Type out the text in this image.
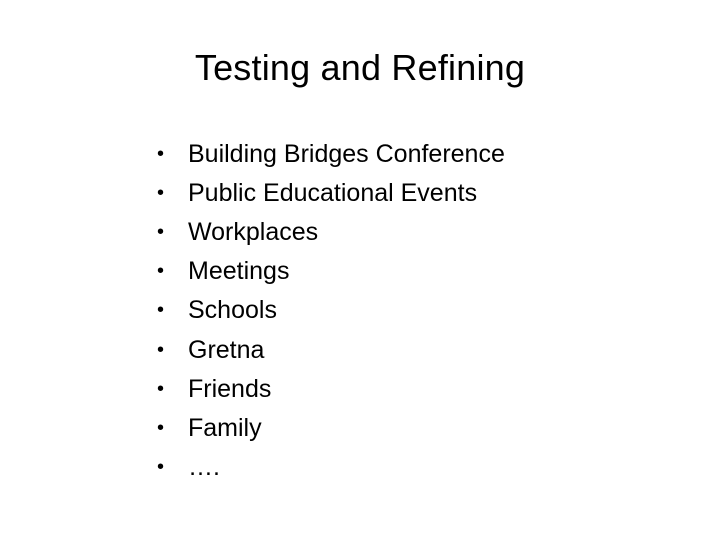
Testing and Refining
• Building Bridges Conference
• Public Educational Events
• Workplaces
• Meetings
• Schools
• Gretna
• Friends
• Family
• ….
